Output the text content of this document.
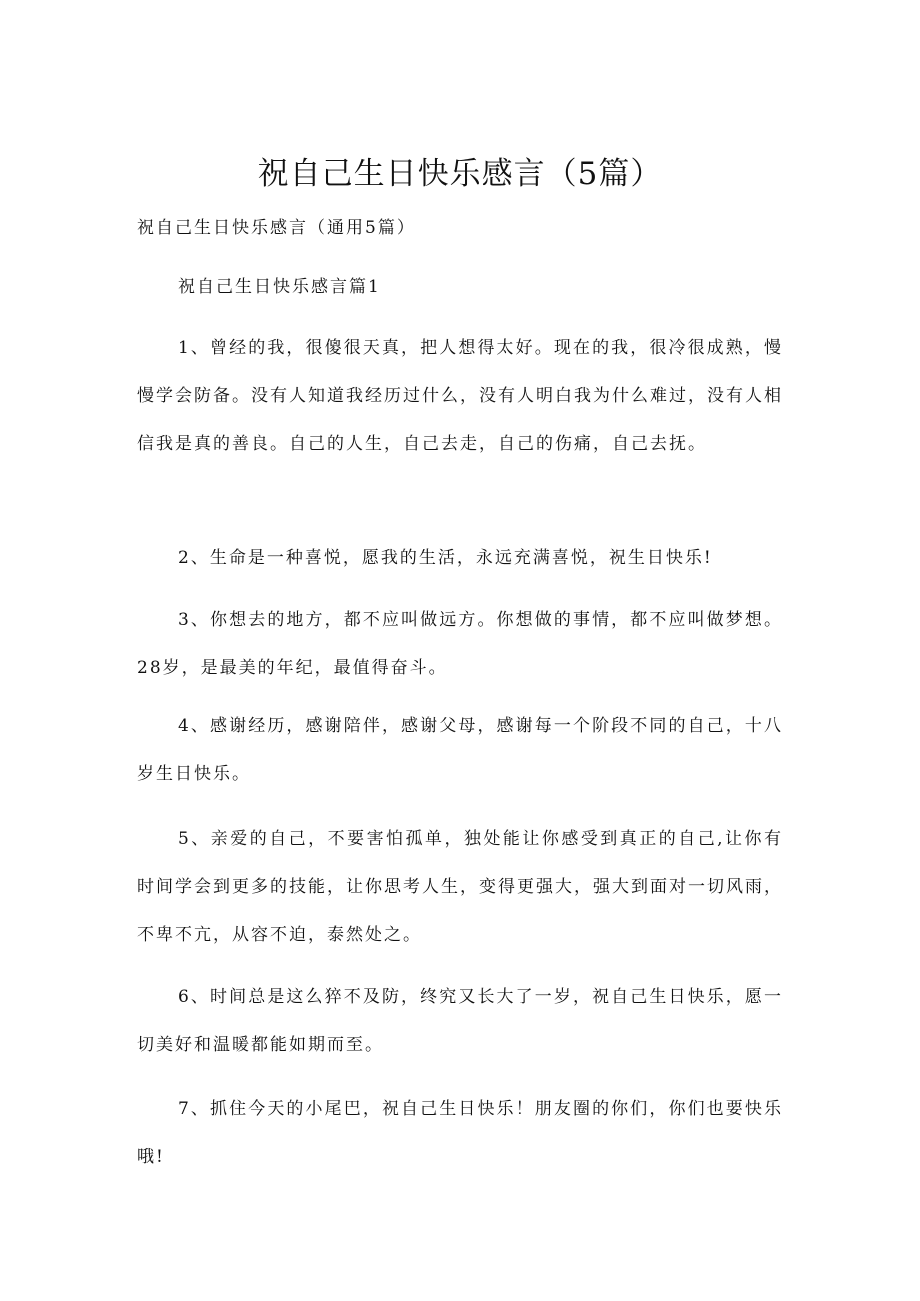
祝自己生日快乐感言（5篇）
祝自己生日快乐感言（通用5篇）
祝自己生日快乐感言篇1

1、曾经的我，很傻很天真，把人想得太好。现在的我，很冷很成熟，慢慢学会防备。没有人知道我经历过什么，没有人明白我为什么难过，没有人相信我是真的善良。自己的人生，自己去走，自己的伤痛，自己去抚。

2、生命是一种喜悦，愿我的生活，永远充满喜悦，祝生日快乐!

3、你想去的地方，都不应叫做远方。你想做的事情，都不应叫做梦想。28岁，是最美的年纪，最值得奋斗。

4、感谢经历，感谢陪伴，感谢父母，感谢每一个阶段不同的自己，十八岁生日快乐。

5、亲爱的自己，不要害怕孤单，独处能让你感受到真正的自己,让你有时间学会到更多的技能，让你思考人生，变得更强大，强大到面对一切风雨，不卑不亢，从容不迫，泰然处之。

6、时间总是这么猝不及防，终究又长大了一岁，祝自己生日快乐，愿一切美好和温暖都能如期而至。

7、抓住今天的小尾巴，祝自己生日快乐！朋友圈的你们，你们也要快乐哦!
